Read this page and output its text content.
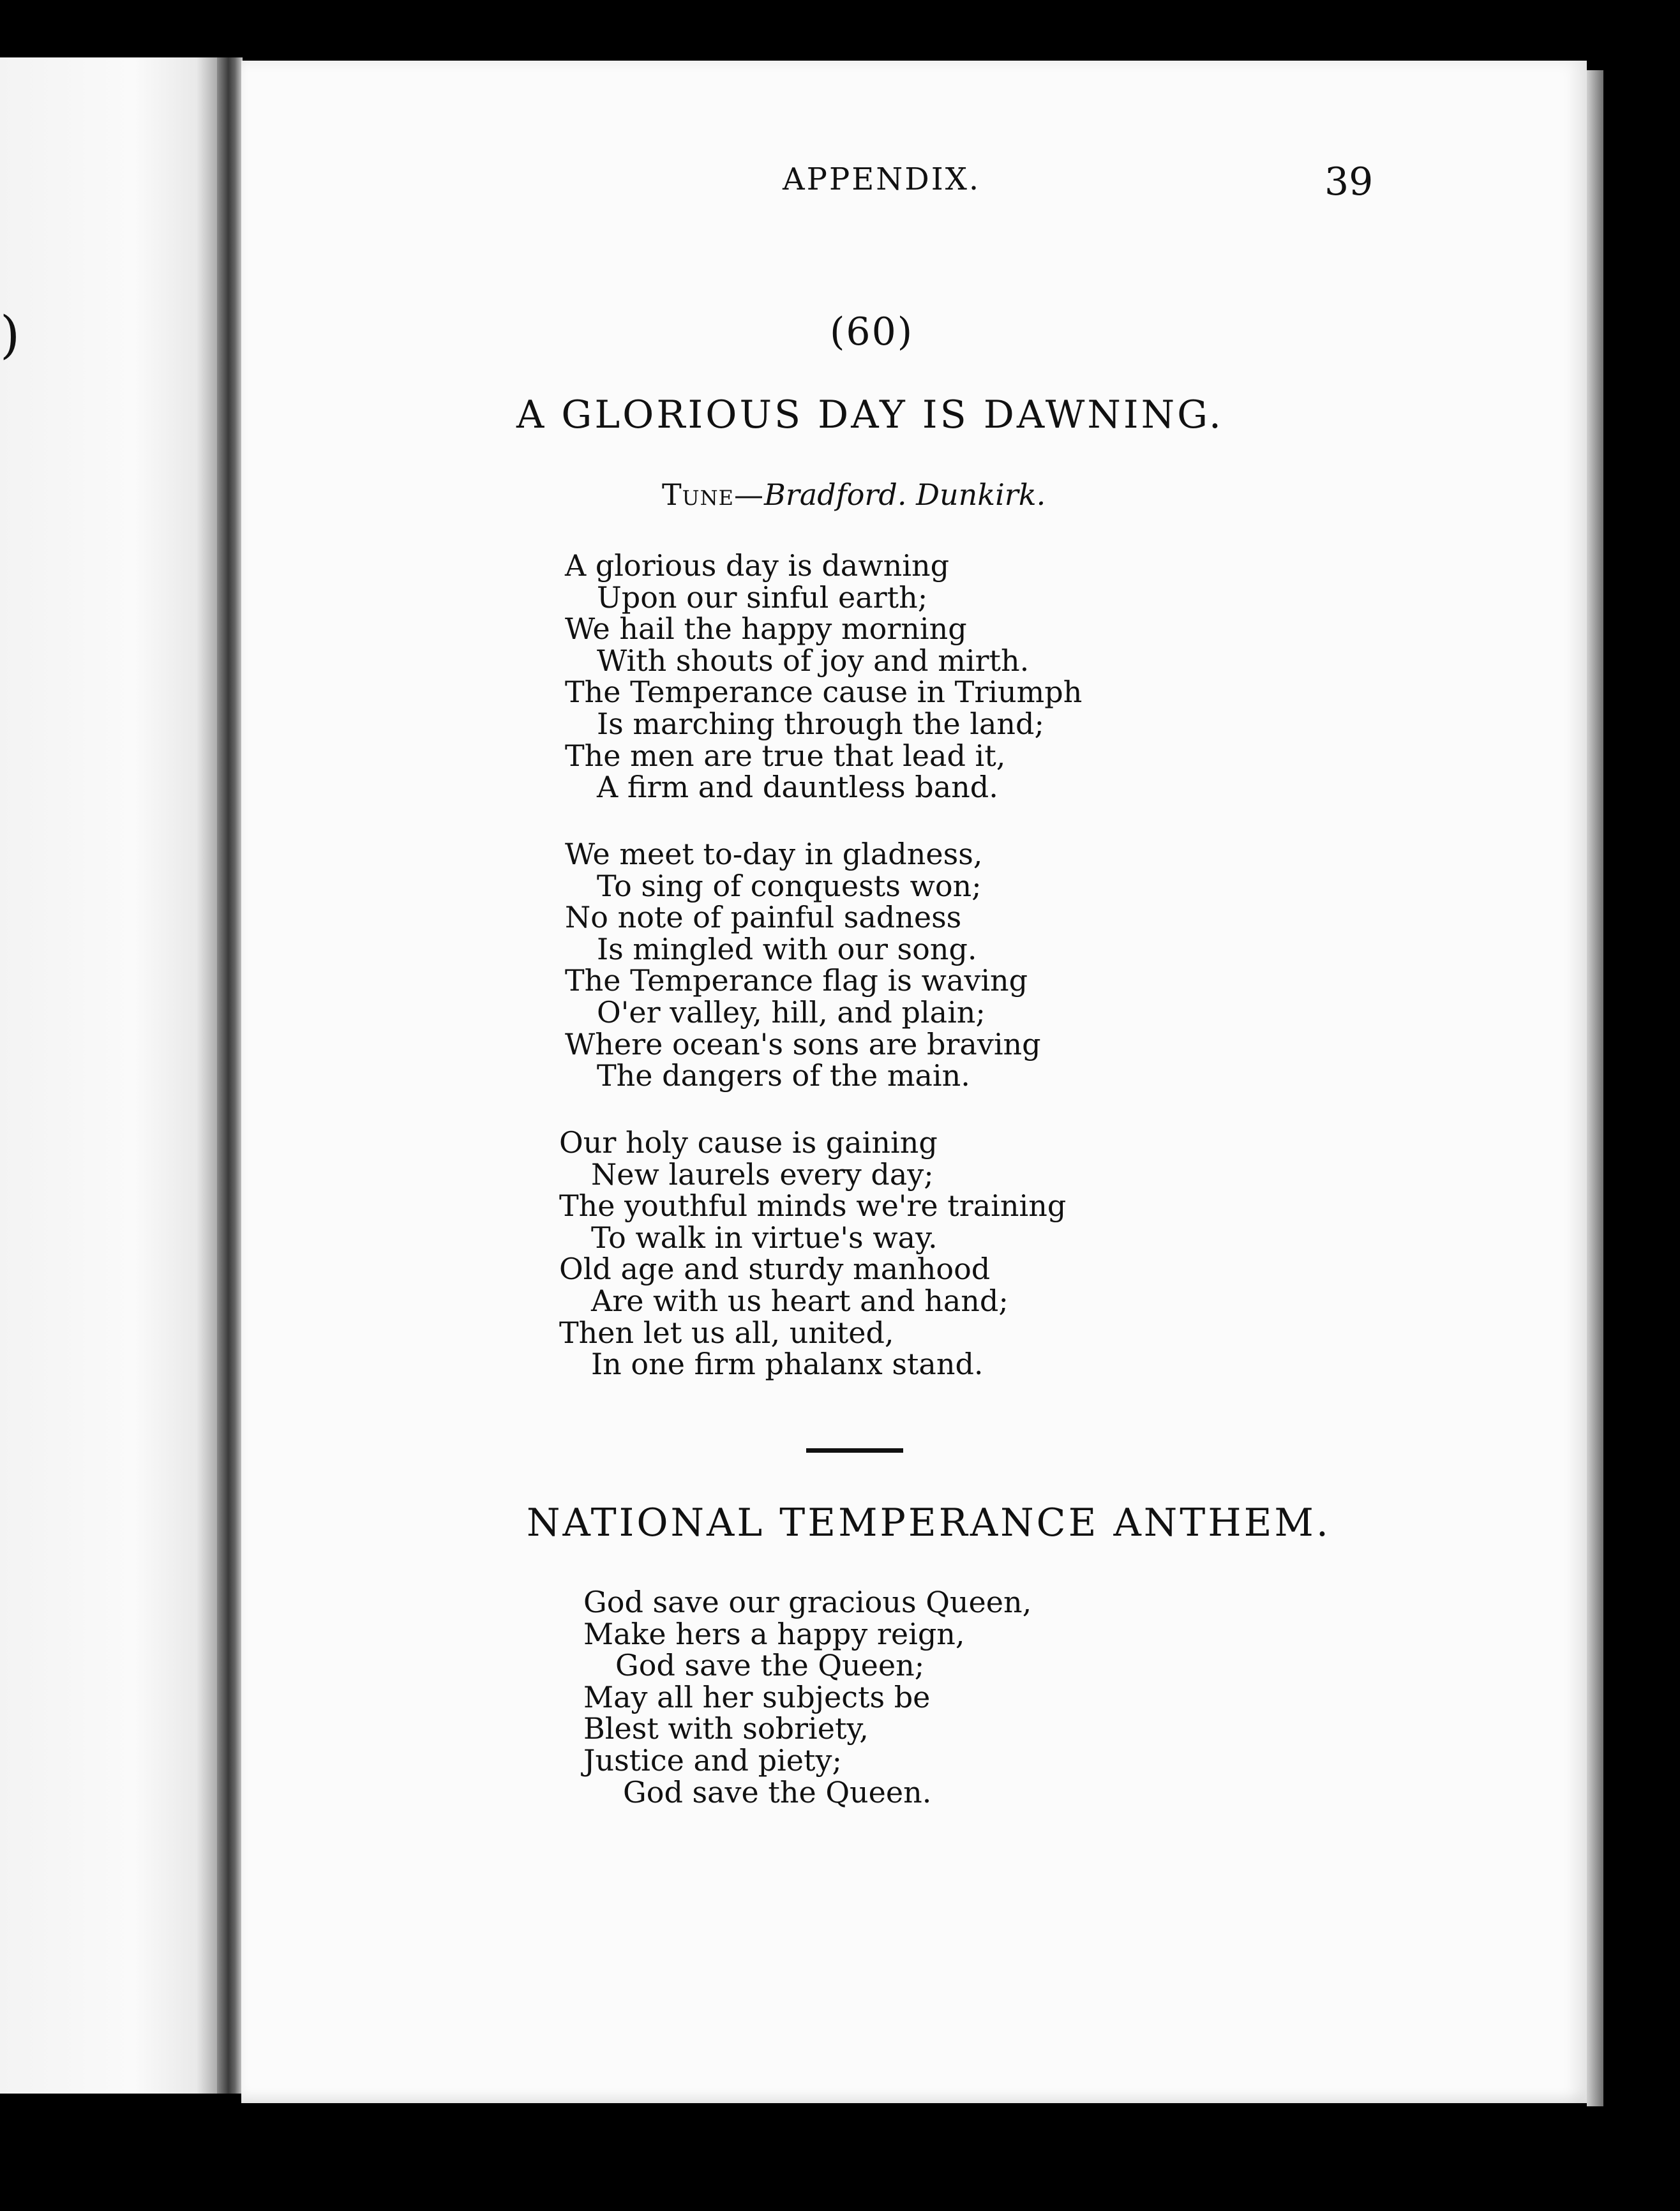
)
APPENDIX.	39
(60)
A GLORIOUS DAY IS DAWNING.
Tune—Bradford. Dunkirk.
A glorious day is dawning
Upon our sinful earth;
We hail the happy morning
With shouts of joy and mirth.
The Temperance cause in Triumph
Is marching through the land;
The men are true that lead it,
A firm and dauntless band.
We meet to-day in gladness,
To sing of conquests won;
No note of painful sadness
Is mingled with our song.
The Temperance flag is waving
O'er valley, hill, and plain;
Where ocean's sons are braving
The dangers of the main.
Our holy cause is gaining
New laurels every day;
The youthful minds we're training
To walk in virtue's way.
Old age and sturdy manhood
Are with us heart and hand;
Then let us all, united,
In one firm phalanx stand.
NATIONAL TEMPERANCE ANTHEM.
God save our gracious Queen,
Make hers a happy reign,
God save the Queen;
May all her subjects be
Blest with sobriety,
Justice and piety;
God save the Queen.
